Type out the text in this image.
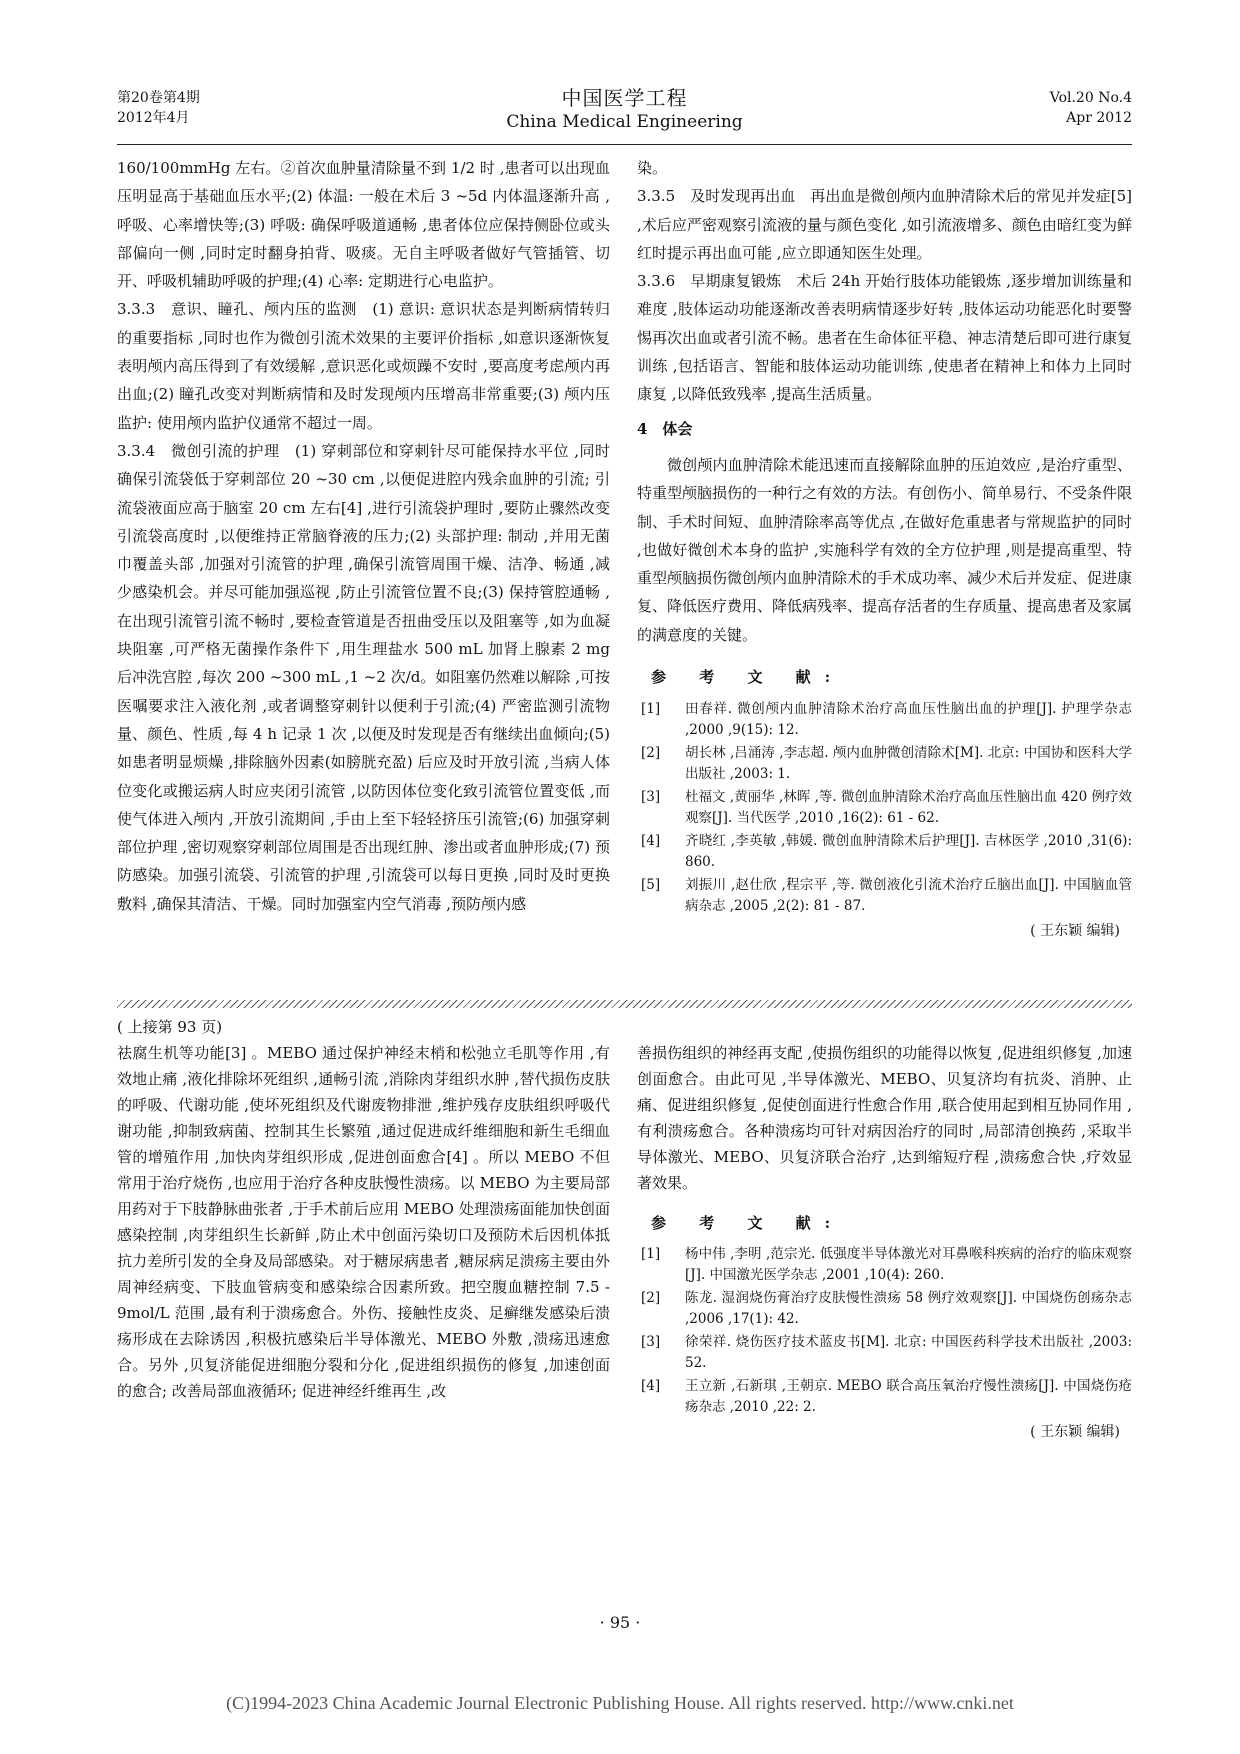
第20卷第4期
2012年4月
中国医学工程
China Medical Engineering
Vol.20 No.4
Apr 2012

160/100mmHg 左右。②首次血肿量清除量不到 1/2 时 ,患者可以出现血压明显高于基础血压水平;(2) 体温: 一般在术后 3 ~5d 内体温逐渐升高 ,呼吸、心率增快等;(3) 呼吸: 确保呼吸道通畅 ,患者体位应保持侧卧位或头部偏向一侧 ,同时定时翻身拍背、吸痰。无自主呼吸者做好气管插管、切开、呼吸机辅助呼吸的护理;(4) 心率: 定期进行心电监护。

3.3.3　意识、瞳孔、颅内压的监测　(1) 意识: 意识状态是判断病情转归的重要指标 ,同时也作为微创引流术效果的主要评价指标 ,如意识逐渐恢复表明颅内高压得到了有效缓解 ,意识恶化或烦躁不安时 ,要高度考虑颅内再出血;(2) 瞳孔改变对判断病情和及时发现颅内压增高非常重要;(3) 颅内压监护: 使用颅内监护仪通常不超过一周。

3.3.4　微创引流的护理　(1) 穿刺部位和穿刺针尽可能保持水平位 ,同时确保引流袋低于穿刺部位 20 ~30 cm ,以便促进腔内残余血肿的引流; 引流袋液面应高于脑室 20 cm 左右[4] ,进行引流袋护理时 ,要防止骤然改变引流袋高度时 ,以便维持正常脑脊液的压力;(2) 头部护理: 制动 ,并用无菌巾覆盖头部 ,加强对引流管的护理 ,确保引流管周围干燥、洁净、畅通 ,减少感染机会。并尽可能加强巡视 ,防止引流管位置不良;(3) 保持管腔通畅 ,在出现引流管引流不畅时 ,要检查管道是否扭曲受压以及阻塞等 ,如为血凝块阻塞 ,可严格无菌操作条件下 ,用生理盐水 500 mL 加肾上腺素 2 mg 后冲洗宫腔 ,每次 200 ~300 mL ,1 ~2 次/d。如阻塞仍然难以解除 ,可按医嘱要求注入液化剂 ,或者调整穿刺针以便利于引流;(4) 严密监测引流物量、颜色、性质 ,每 4 h 记录 1 次 ,以便及时发现是否有继续出血倾向;(5) 如患者明显烦燥 ,排除脑外因素(如膀胱充盈) 后应及时开放引流 ,当病人体位变化或搬运病人时应夹闭引流管 ,以防因体位变化致引流管位置变低 ,而使气体进入颅内 ,开放引流期间 ,手由上至下轻轻挤压引流管;(6) 加强穿刺部位护理 ,密切观察穿刺部位周围是否出现红肿、渗出或者血肿形成;(7) 预防感染。加强引流袋、引流管的护理 ,引流袋可以每日更换 ,同时及时更换敷料 ,确保其清洁、干燥。同时加强室内空气消毒 ,预防颅内感

染。

3.3.5　及时发现再出血　再出血是微创颅内血肿清除术后的常见并发症[5] ,术后应严密观察引流液的量与颜色变化 ,如引流液增多、颜色由暗红变为鲜红时提示再出血可能 ,应立即通知医生处理。

3.3.6　早期康复锻炼　术后 24h 开始行肢体功能锻炼 ,逐步增加训练量和难度 ,肢体运动功能逐渐改善表明病情逐步好转 ,肢体运动功能恶化时要警惕再次出血或者引流不畅。患者在生命体征平稳、神志清楚后即可进行康复训练 ,包括语言、智能和肢体运动功能训练 ,使患者在精神上和体力上同时康复 ,以降低致残率 ,提高生活质量。

4　体会

微创颅内血肿清除术能迅速而直接解除血肿的压迫效应 ,是治疗重型、特重型颅脑损伤的一种行之有效的方法。有创伤小、简单易行、不受条件限制、手术时间短、血肿清除率高等优点 ,在做好危重患者与常规监护的同时 ,也做好微创术本身的监护 ,实施科学有效的全方位护理 ,则是提高重型、特重型颅脑损伤微创颅内血肿清除术的手术成功率、减少术后并发症、促进康复、降低医疗费用、降低病残率、提高存活者的生存质量、提高患者及家属的满意度的关键。

参 考 文 献:
[1] 田春祥. 微创颅内血肿清除术治疗高血压性脑出血的护理[J]. 护理学杂志 ,2000 ,9(15): 12.
[2] 胡长林 ,吕涌涛 ,李志超. 颅内血肿微创清除术[M]. 北京: 中国协和医科大学出版社 ,2003: 1.
[3] 杜福文 ,黄丽华 ,林晖 ,等. 微创血肿清除术治疗高血压性脑出血 420 例疗效观察[J]. 当代医学 ,2010 ,16(2): 61 - 62.
[4] 齐晓红 ,李英敏 ,韩媛. 微创血肿清除术后护理[J]. 吉林医学 ,2010 ,31(6): 860.
[5] 刘振川 ,赵仕欣 ,程宗平 ,等. 微创液化引流术治疗丘脑出血[J]. 中国脑血管病杂志 ,2005 ,2(2): 81 - 87.
( 王东颖 编辑)

( 上接第 93 页)

祛腐生机等功能[3] 。MEBO 通过保护神经末梢和松弛立毛肌等作用 ,有效地止痛 ,液化排除坏死组织 ,通畅引流 ,消除肉芽组织水肿 ,替代损伤皮肤的呼吸、代谢功能 ,使坏死组织及代谢废物排泄 ,维护残存皮肤组织呼吸代谢功能 ,抑制致病菌、控制其生长繁殖 ,通过促进成纤维细胞和新生毛细血管的增殖作用 ,加快肉芽组织形成 ,促进创面愈合[4] 。所以 MEBO 不但常用于治疗烧伤 ,也应用于治疗各种皮肤慢性溃疡。以 MEBO 为主要局部用药对于下肢静脉曲张者 ,于手术前后应用 MEBO 处理溃疡面能加快创面感染控制 ,肉芽组织生长新鲜 ,防止术中创面污染切口及预防术后因机体抵抗力差所引发的全身及局部感染。对于糖尿病患者 ,糖尿病足溃疡主要由外周神经病变、下肢血管病变和感染综合因素所致。把空腹血糖控制 7.5 - 9mol/L 范围 ,最有利于溃疡愈合。外伤、接触性皮炎、足癣继发感染后溃疡形成在去除诱因 ,积极抗感染后半导体激光、MEBO 外敷 ,溃疡迅速愈合。另外 ,贝复济能促进细胞分裂和分化 ,促进组织损伤的修复 ,加速创面的愈合; 改善局部血液循环; 促进神经纤维再生 ,改

善损伤组织的神经再支配 ,使损伤组织的功能得以恢复 ,促进组织修复 ,加速创面愈合。由此可见 ,半导体激光、MEBO、贝复济均有抗炎、消肿、止痛、促进组织修复 ,促使创面进行性愈合作用 ,联合使用起到相互协同作用 ,有利溃疡愈合。各种溃疡均可针对病因治疗的同时 ,局部清创换药 ,采取半导体激光、MEBO、贝复济联合治疗 ,达到缩短疗程 ,溃疡愈合快 ,疗效显著效果。

参 考 文 献:
[1] 杨中伟 ,李明 ,范宗光. 低强度半导体激光对耳鼻喉科疾病的治疗的临床观察[J]. 中国激光医学杂志 ,2001 ,10(4): 260.
[2] 陈龙. 湿润烧伤膏治疗皮肤慢性溃疡 58 例疗效观察[J]. 中国烧伤创疡杂志 ,2006 ,17(1): 42.
[3] 徐荣祥. 烧伤医疗技术蓝皮书[M]. 北京: 中国医药科学技术出版社 ,2003: 52.
[4] 王立新 ,石新琪 ,王朝京. MEBO 联合高压氧治疗慢性溃疡[J]. 中国烧伤疮疡杂志 ,2010 ,22: 2.
( 王东颖 编辑)
· 95 ·
(C)1994-2023 China Academic Journal Electronic Publishing House. All rights reserved. http://www.cnki.net
